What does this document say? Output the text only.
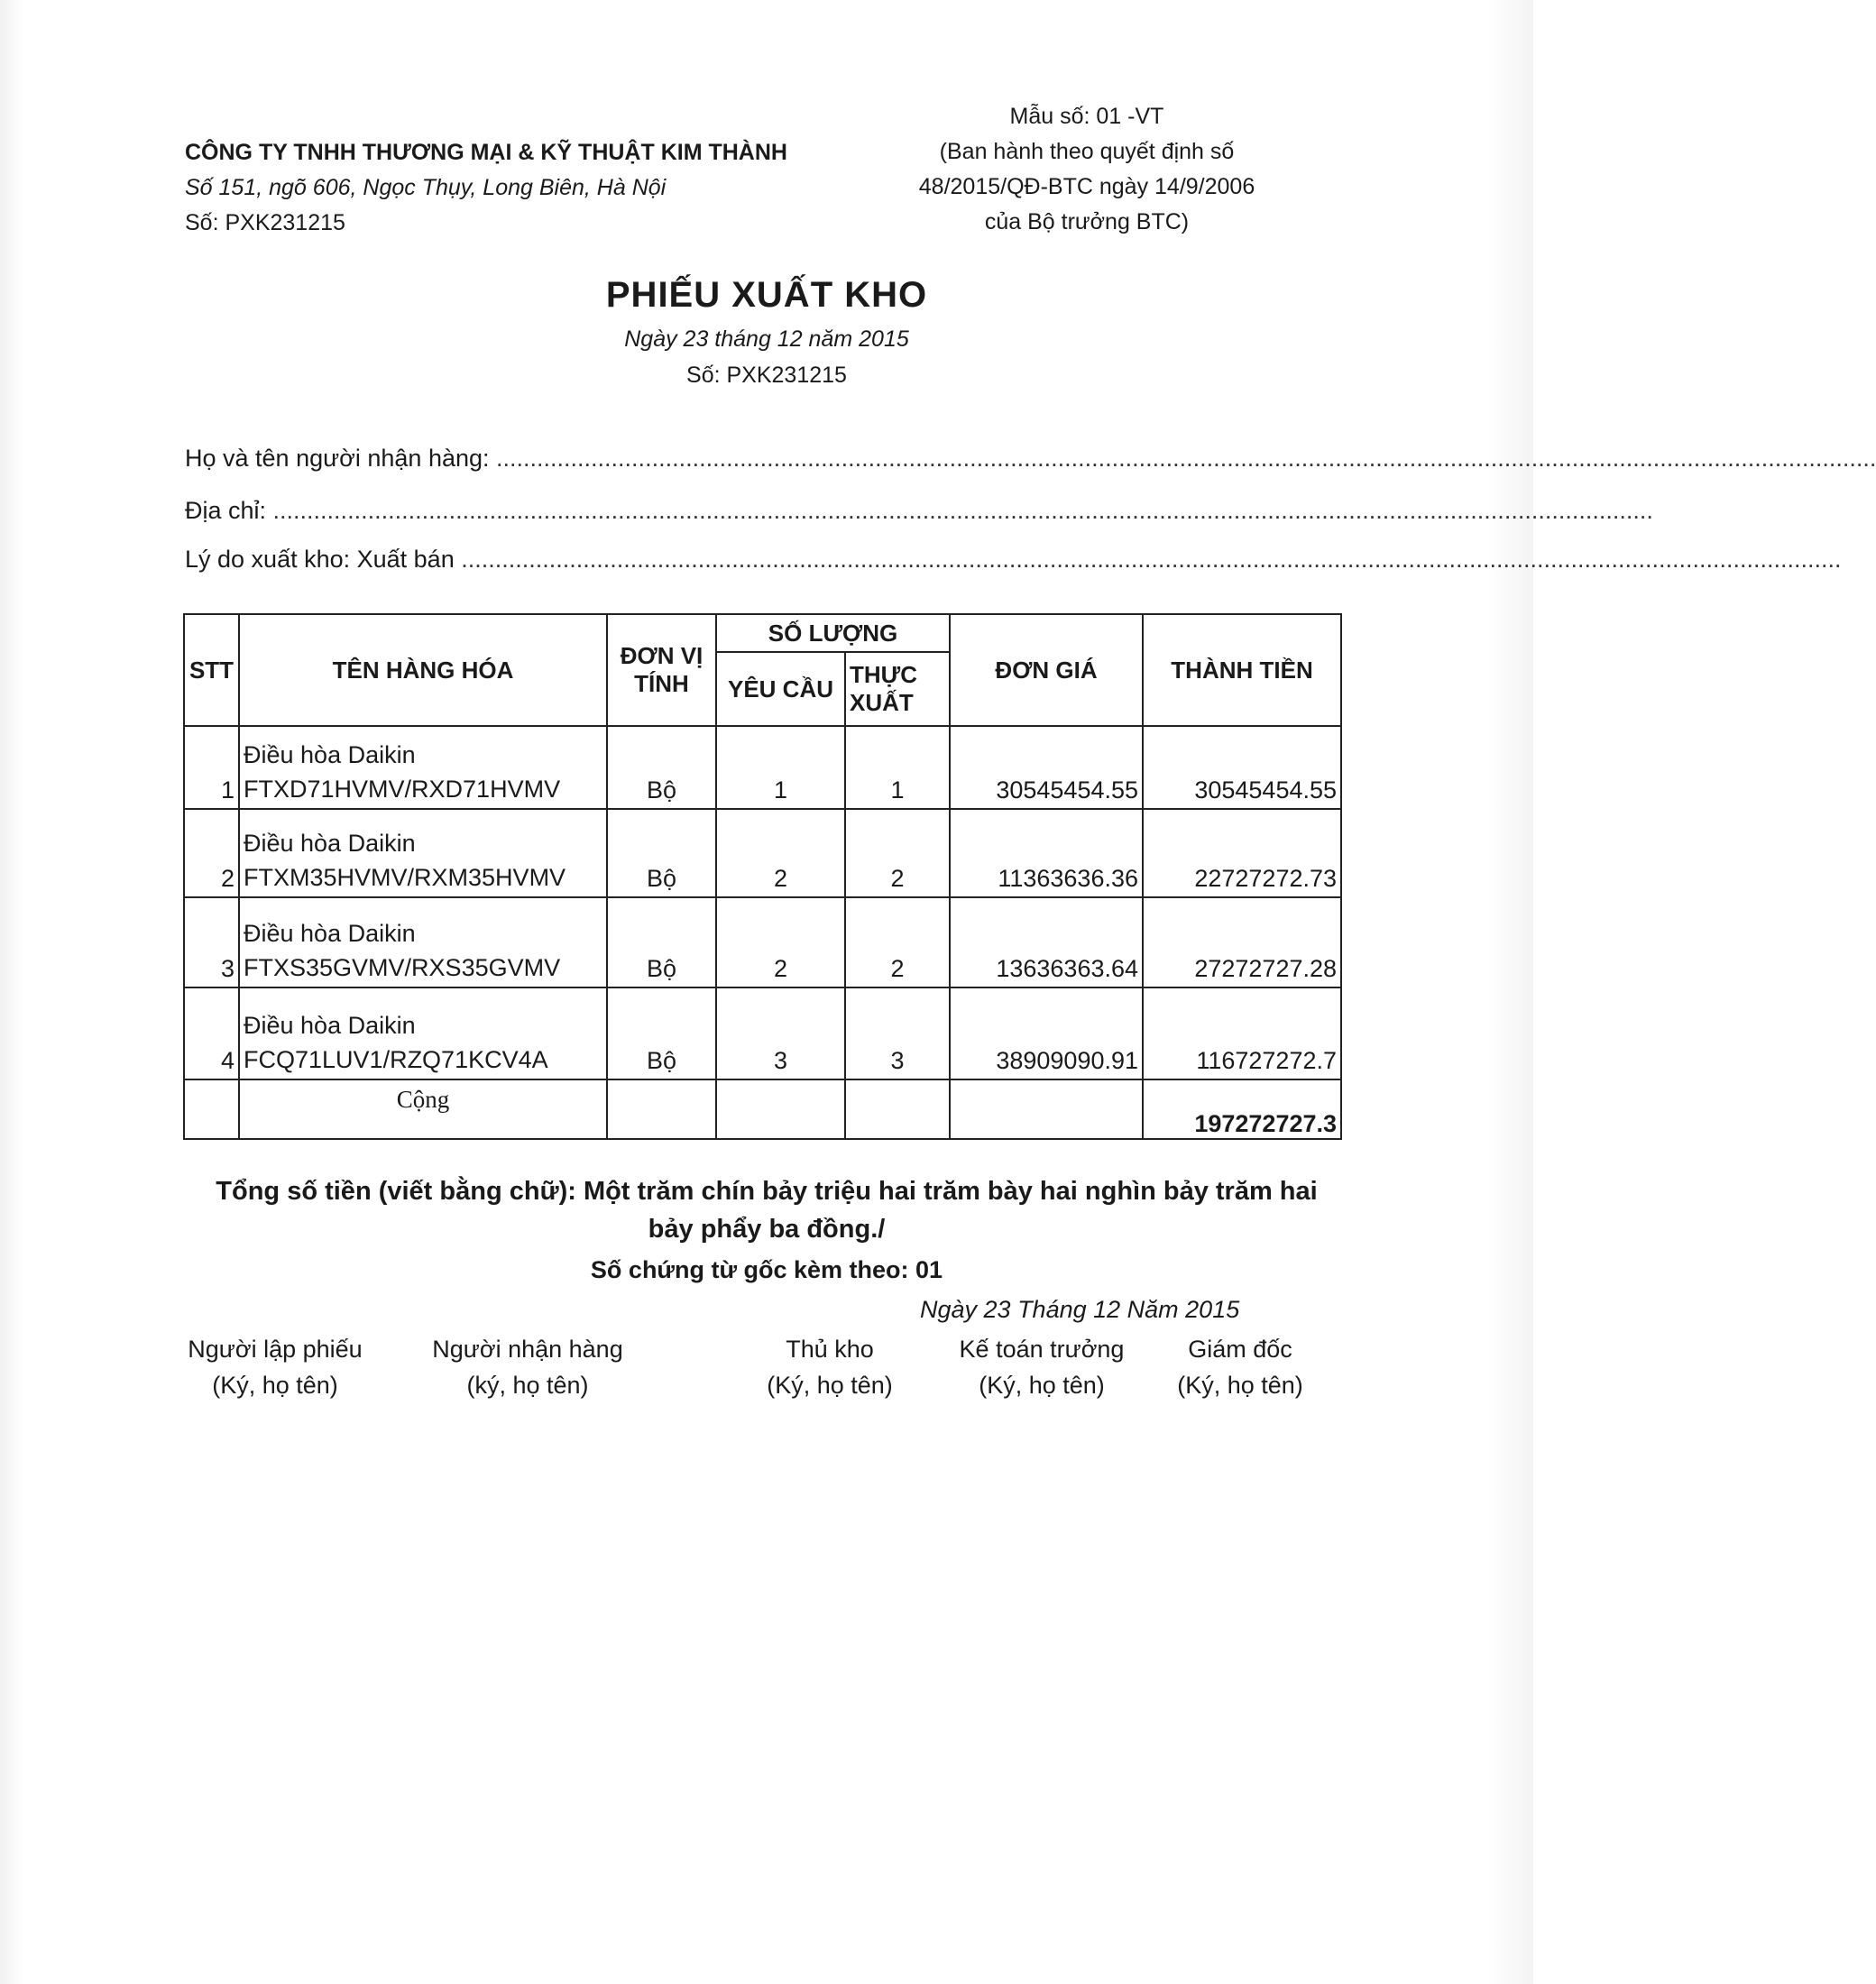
CÔNG TY TNHH THƯƠNG MẠI & KỸ THUẬT KIM THÀNH
Số 151, ngõ 606, Ngọc Thụy, Long Biên, Hà Nội
Số: PXK231215
Mẫu số: 01 -VT
(Ban hành theo quyết định số
48/2015/QĐ-BTC ngày 14/9/2006
của Bộ trưởng BTC)
PHIẾU XUẤT KHO
Ngày 23 tháng 12 năm 2015
Số: PXK231215
Họ và tên người nhận hàng: ............................................................................................................................................................................................................
Địa chỉ: ............................................................................................................................................................................................................
Lý do xuất kho: Xuất bán ............................................................................................................................................................................................................
STT	TÊN HÀNG HÓA	ĐƠN VỊ TÍNH	SỐ LƯỢNG		ĐƠN GIÁ	THÀNH TIỀN
			YÊU CẦU	THỰC XUẤT		
1	Điều hòa Daikin
FTXD71HVMV/RXD71HVMV	Bộ	1	1	30545454.55	30545454.55
2	Điều hòa Daikin
FTXM35HVMV/RXM35HVMV	Bộ	2	2	11363636.36	22727272.73
3	Điều hòa Daikin
FTXS35GVMV/RXS35GVMV	Bộ	2	2	13636363.64	27272727.28
4	Điều hòa Daikin
FCQ71LUV1/RZQ71KCV4A	Bộ	3	3	38909090.91	116727272.7
	Cộng					197272727.3
Tổng số tiền (viết bằng chữ): Một trăm chín bảy triệu hai trăm bày hai nghìn bảy trăm hai
bảy phẩy ba đồng./
Số chứng từ gốc kèm theo: 01
Ngày 23 Tháng 12 Năm 2015
Người lập phiếu
(Ký, họ tên)
Người nhận hàng
(ký, họ tên)
Thủ kho
(Ký, họ tên)
Kế toán trưởng
(Ký, họ tên)
Giám đốc
(Ký, họ tên)
